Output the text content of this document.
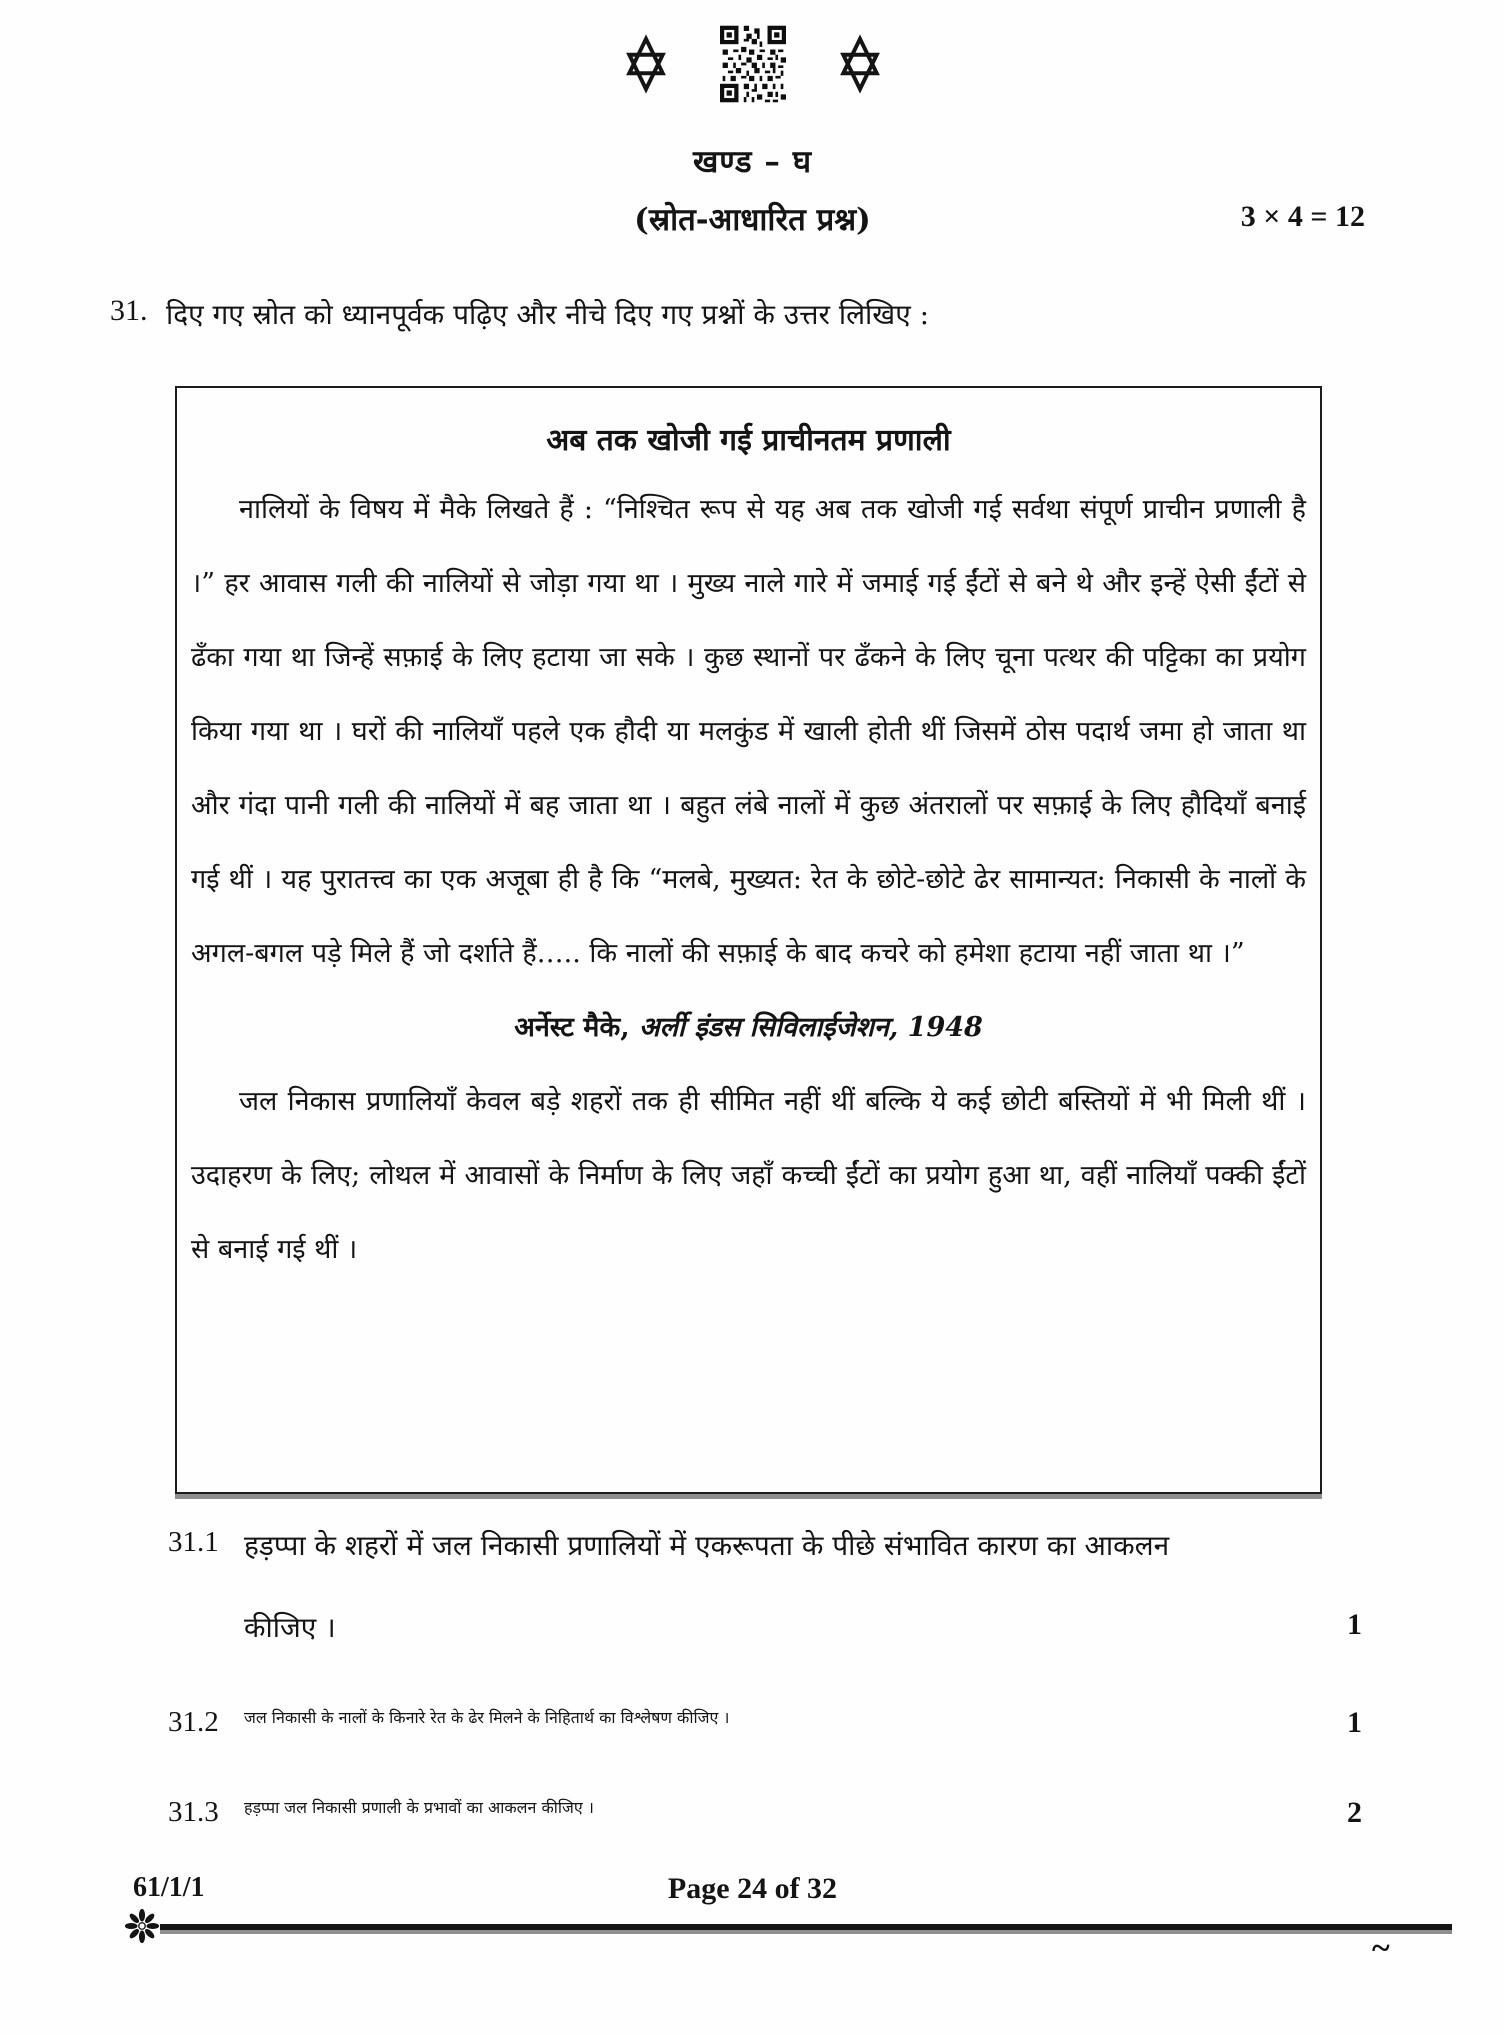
खण्ड – घ
(स्रोत-आधारित प्रश्न)	3 × 4 = 12
31. दिए गए स्रोत को ध्यानपूर्वक पढ़िए और नीचे दिए गए प्रश्नों के उत्तर लिखिए :
अब तक खोजी गई प्राचीनतम प्रणाली

नालियों के विषय में मैके लिखते हैं : “निश्चित रूप से यह अब तक खोजी गई सर्वथा संपूर्ण प्राचीन प्रणाली है ।” हर आवास गली की नालियों से जोड़ा गया था । मुख्य नाले गारे में जमाई गई ईंटों से बने थे और इन्हें ऐसी ईंटों से ढँका गया था जिन्हें सफ़ाई के लिए हटाया जा सके । कुछ स्थानों पर ढँकने के लिए चूना पत्थर की पट्टिका का प्रयोग किया गया था । घरों की नालियाँ पहले एक हौदी या मलकुंड में खाली होती थीं जिसमें ठोस पदार्थ जमा हो जाता था और गंदा पानी गली की नालियों में बह जाता था । बहुत लंबे नालों में कुछ अंतरालों पर सफ़ाई के लिए हौदियाँ बनाई गई थीं । यह पुरातत्त्व का एक अजूबा ही है कि “मलबे, मुख्यत: रेत के छोटे-छोटे ढेर सामान्यत: निकासी के नालों के अगल-बगल पड़े मिले हैं जो दर्शाते हैं….. कि नालों की सफ़ाई के बाद कचरे को हमेशा हटाया नहीं जाता था ।”

अर्नेस्ट मैके, अर्ली इंडस सिविलाईजेशन, 1948

जल निकास प्रणालियाँ केवल बड़े शहरों तक ही सीमित नहीं थीं बल्कि ये कई छोटी बस्तियों में भी मिली थीं । उदाहरण के लिए; लोथल में आवासों के निर्माण के लिए जहाँ कच्ची ईंटों का प्रयोग हुआ था, वहीं नालियाँ पक्की ईंटों से बनाई गई थीं ।

31.1 हड़प्पा के शहरों में जल निकासी प्रणालियों में एकरूपता के पीछे संभावित कारण का आकलन
कीजिए ।	1
31.2	जल निकासी के नालों के किनारे रेत के ढेर मिलने के निहितार्थ का विश्लेषण कीजिए ।	1
31.3	हड़प्पा जल निकासी प्रणाली के प्रभावों का आकलन कीजिए ।	2
61/1/1	Page 24 of 32
~
